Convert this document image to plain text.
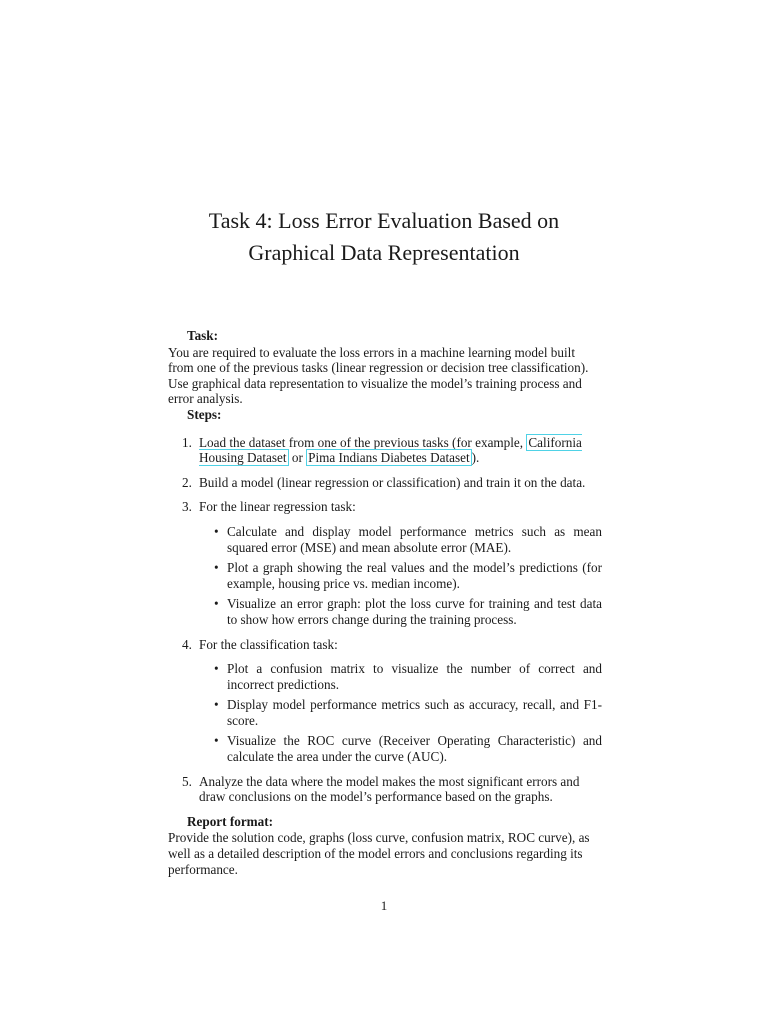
Task 4: Loss Error Evaluation Based on
Graphical Data Representation
Task:

You are required to evaluate the loss errors in a machine learning model built from one of the previous tasks (linear regression or decision tree classification). Use graphical data representation to visualize the model’s training process and error analysis.

Steps:
1. Load the dataset from one of the previous tasks (for example, California Housing Dataset or Pima Indians Diabetes Dataset ).
2. Build a model (linear regression or classification) and train it on the data.
3. For the linear regression task:
• Calculate and display model performance metrics such as mean squared error (MSE) and mean absolute error (MAE).
• Plot a graph showing the real values and the model’s predictions (for example, housing price vs. median income).
• Visualize an error graph: plot the loss curve for training and test data to show how errors change during the training process.
4. For the classification task:
• Plot a confusion matrix to visualize the number of correct and incorrect predictions.
• Display model performance metrics such as accuracy, recall, and F1-score.
• Visualize the ROC curve (Receiver Operating Characteristic) and calculate the area under the curve (AUC).
5. Analyze the data where the model makes the most significant errors and draw conclusions on the model’s performance based on the graphs.
Report format:

Provide the solution code, graphs (loss curve, confusion matrix, ROC curve), as well as a detailed description of the model errors and conclusions regarding its performance.

1
